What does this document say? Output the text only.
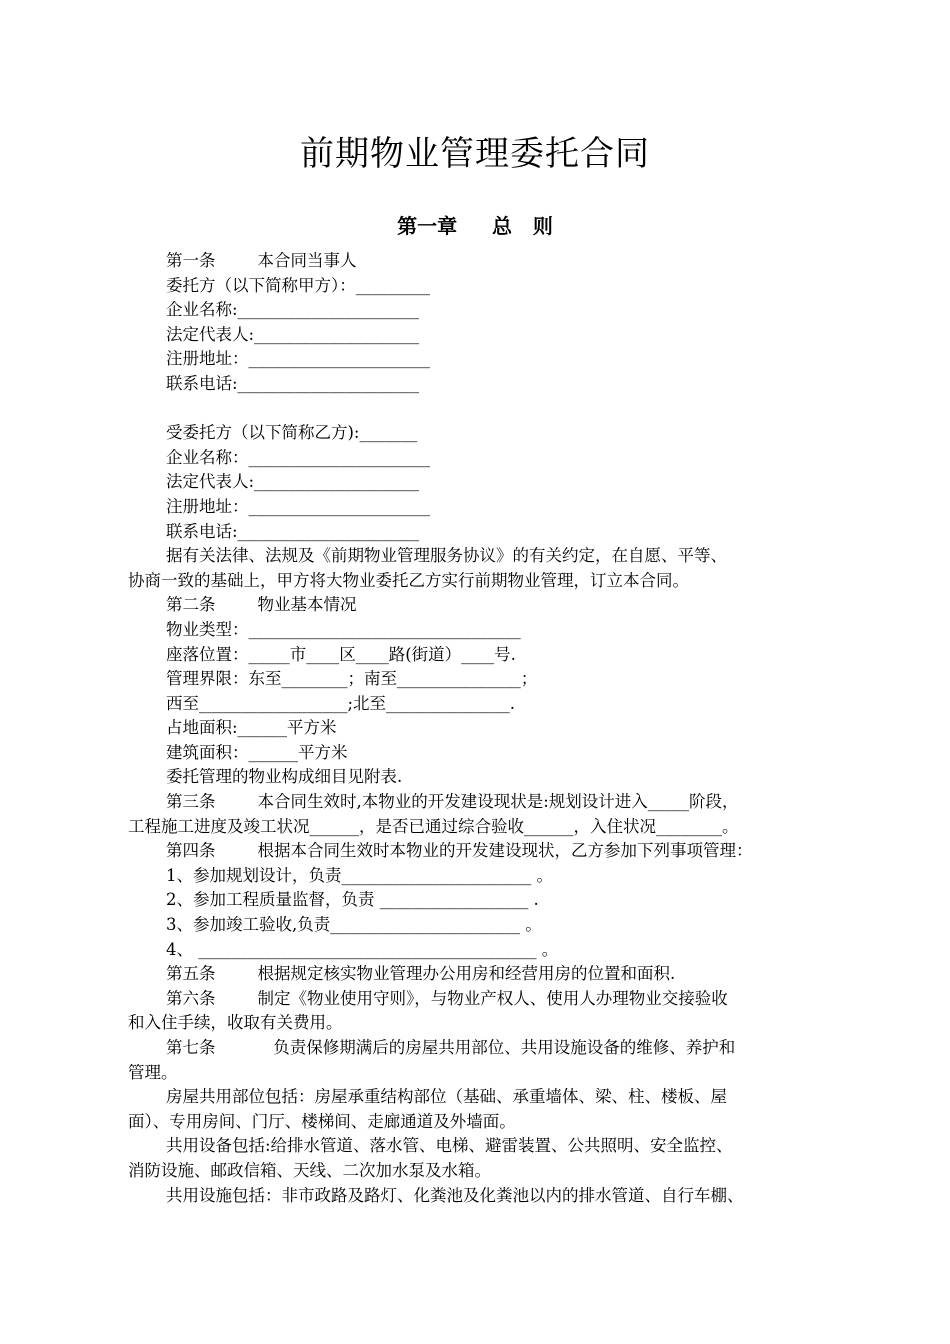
前期物业管理委托合同
第一章     总   则
第一条        本合同当事人
委托方（以下简称甲方）：_________
企业名称:______________________
法定代表人:____________________
注册地址：______________________
联系电话:______________________
受委托方（以下简称乙方):_______
企业名称：______________________
法定代表人:____________________
注册地址：______________________
联系电话:______________________
据有关法律、法规及《前期物业管理服务协议》的有关约定，在自愿、平等、
协商一致的基础上，甲方将大物业委托乙方实行前期物业管理，订立本合同。
第二条        物业基本情况
物业类型：_________________________________
座落位置：_____市____区____路(街道）____号.
管理界限：东至________；南至_______________；
西至__________________;北至_______________.
占地面积:______平方米
建筑面积：______平方米
委托管理的物业构成细目见附表.
第三条        本合同生效时,本物业的开发建设现状是:规划设计进入_____阶段，
工程施工进度及竣工状况______，是否已通过综合验收______，入住状况________。
第四条        根据本合同生效时本物业的开发建设现状，乙方参加下列事项管理：
1、参加规划设计，负责_______________________ 。
2、参加工程质量监督，负责 __________________ .
3、参加竣工验收,负责_______________________ 。
4、 _________________________________________ 。
第五条        根据规定核实物业管理办公用房和经营用房的位置和面积.
第六条        制定《物业使用守则》，与物业产权人、使用人办理物业交接验收
和入住手续，收取有关费用。
第七条           负责保修期满后的房屋共用部位、共用设施设备的维修、养护和
管理。
房屋共用部位包括：房屋承重结构部位（基础、承重墙体、梁、柱、楼板、屋
面）、专用房间、门厅、楼梯间、走廊通道及外墙面。
共用设备包括:给排水管道、落水管、电梯、避雷装置、公共照明、安全监控、
消防设施、邮政信箱、天线、二次加水泵及水箱。
共用设施包括：非市政路及路灯、化粪池及化粪池以内的排水管道、自行车棚、
